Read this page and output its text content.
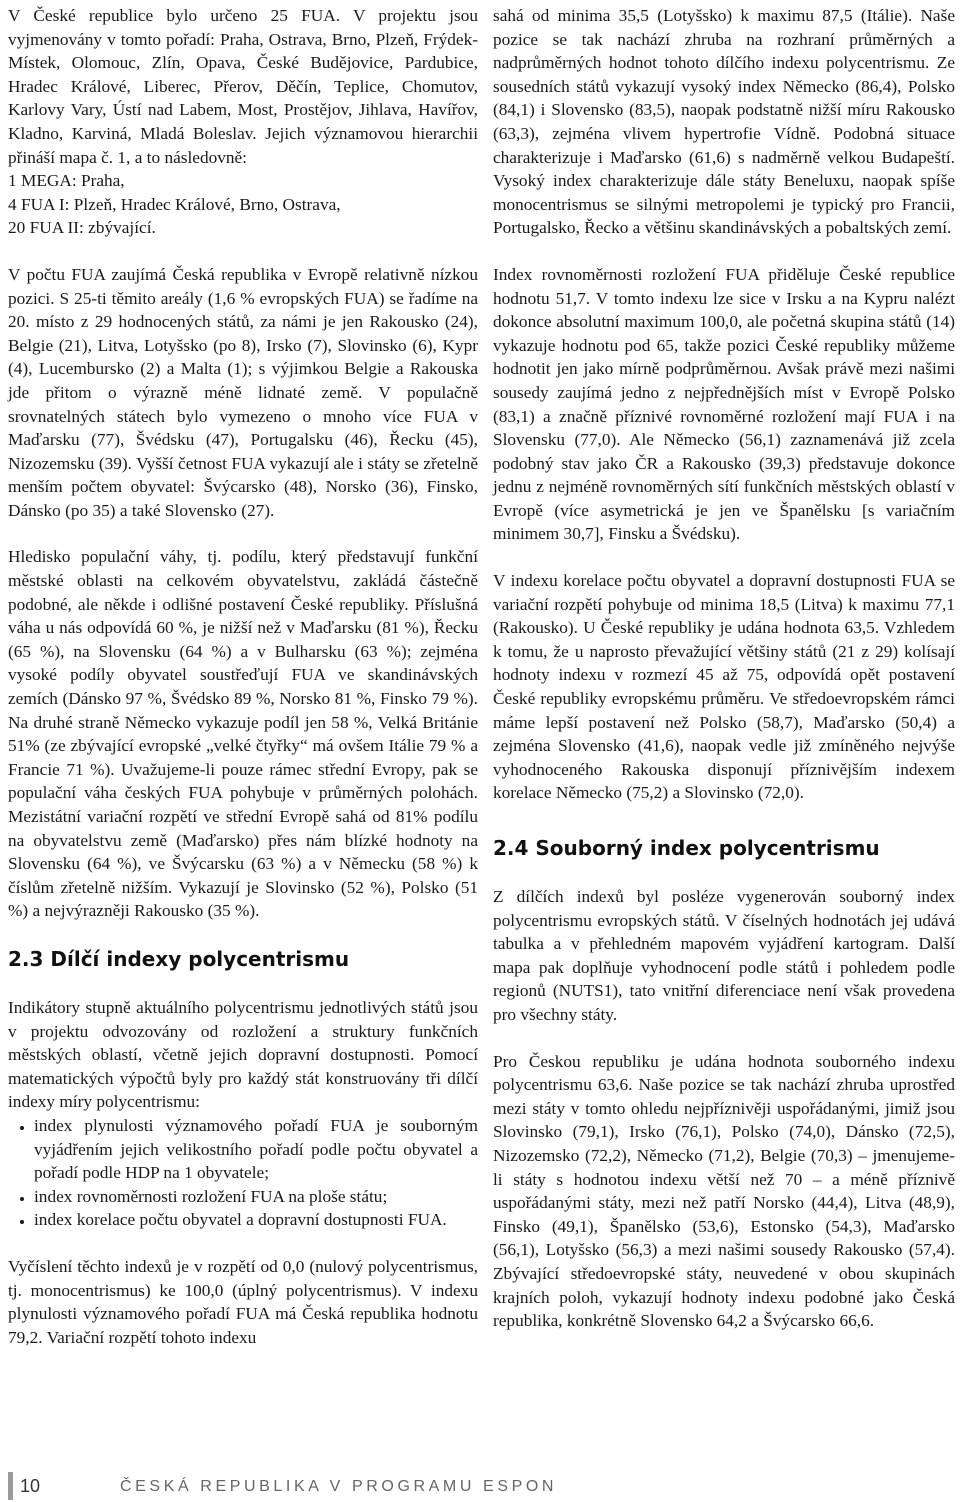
V České republice bylo určeno 25 FUA. V projektu jsou vyjmenovány v tomto pořadí: Praha, Ostrava, Brno, Plzeň, Frýdek-Místek, Olomouc, Zlín, Opava, České Budějovice, Pardubice, Hradec Králové, Liberec, Přerov, Děčín, Teplice, Chomutov, Karlovy Vary, Ústí nad Labem, Most, Prostějov, Jihlava, Havířov, Kladno, Karviná, Mladá Boleslav. Jejich významovou hierarchii přináší mapa č. 1, a to následovně:

1 MEGA: Praha,
4 FUA I: Plzeň, Hradec Králové, Brno, Ostrava,
20 FUA II: zbývající.

V počtu FUA zaujímá Česká republika v Evropě relativně nízkou pozici. S 25-ti těmito areály (1,6 % evropských FUA) se řadíme na 20. místo z 29 hodnocených států, za námi je jen Rakousko (24), Belgie (21), Litva, Lotyšsko (po 8), Irsko (7), Slovinsko (6), Kypr (4), Lucembursko (2) a Malta (1); s výjimkou Belgie a Rakouska jde přitom o výrazně méně lidnaté země. V populačně srovnatelných státech bylo vymezeno o mnoho více FUA v Maďarsku (77), Švédsku (47), Portugalsku (46), Řecku (45), Nizozemsku (39). Vyšší četnost FUA vykazují ale i státy se zřetelně menším počtem obyvatel: Švýcarsko (48), Norsko (36), Finsko, Dánsko (po 35) a také Slovensko (27).

Hledisko populační váhy, tj. podílu, který představují funkční městské oblasti na celkovém obyvatelstvu, zakládá částečně podobné, ale někde i odlišné postavení České republiky. Příslušná váha u nás odpovídá 60 %, je nižší než v Maďarsku (81 %), Řecku (65 %), na Slovensku (64 %) a v Bulharsku (63 %); zejména vysoké podíly obyvatel soustřeďují FUA ve skandinávských zemích (Dánsko 97 %, Švédsko 89 %, Norsko 81 %, Finsko 79 %). Na druhé straně Německo vykazuje podíl jen 58 %, Velká Británie 51% (ze zbývající evropské „velké čtyřky“ má ovšem Itálie 79 % a Francie 71 %). Uvažujeme-li pouze rámec střední Evropy, pak se populační váha českých FUA pohybuje v průměrných polohách. Mezistátní variační rozpětí ve střední Evropě sahá od 81% podílu na obyvatelstvu země (Maďarsko) přes nám blízké hodnoty na Slovensku (64 %), ve Švýcarsku (63 %) a v Německu (58 %) k číslům zřetelně nižším. Vykazují je Slovinsko (52 %), Polsko (51 %) a nejvýrazněji Rakousko (35 %).

2.3 Dílčí indexy polycentrismu

Indikátory stupně aktuálního polycentrismu jednotlivých států jsou v projektu odvozovány od rozložení a struktury funkčních městských oblastí, včetně jejich dopravní dostupnosti. Pomocí matematických výpočtů byly pro každý stát konstruovány tři dílčí indexy míry polycentrismu:

• index plynulosti významového pořadí FUA je souborným vyjádřením jejich velikostního pořadí podle počtu obyvatel a pořadí podle HDP na 1 obyvatele;
• index rovnoměrnosti rozložení FUA na ploše státu;
• index korelace počtu obyvatel a dopravní dostupnosti FUA.

Vyčíslení těchto indexů je v rozpětí od 0,0 (nulový polycentrismus, tj. monocentrismus) ke 100,0 (úplný polycentrismus). V indexu plynulosti významového pořadí FUA má Česká republika hodnotu 79,2. Variační rozpětí tohoto indexu

sahá od minima 35,5 (Lotyšsko) k maximu 87,5 (Itálie). Naše pozice se tak nachází zhruba na rozhraní průměrných a nadprůměrných hodnot tohoto dílčího indexu polycentrismu. Ze sousedních států vykazují vysoký index Německo (86,4), Polsko (84,1) i Slovensko (83,5), naopak podstatně nižší míru Rakousko (63,3), zejména vlivem hypertrofie Vídně. Podobná situace charakterizuje i Maďarsko (61,6) s nadměrně velkou Budapeští. Vysoký index charakterizuje dále státy Beneluxu, naopak spíše monocentrismus se silnými metropolemi je typický pro Francii, Portugalsko, Řecko a většinu skandinávských a pobaltských zemí.

Index rovnoměrnosti rozložení FUA přiděluje České republice hodnotu 51,7. V tomto indexu lze sice v Irsku a na Kypru nalézt dokonce absolutní maximum 100,0, ale početná skupina států (14) vykazuje hodnotu pod 65, takže pozici České republiky můžeme hodnotit jen jako mírně podprůměrnou. Avšak právě mezi našimi sousedy zaujímá jedno z nejpřednějších míst v Evropě Polsko (83,1) a značně příznivé rovnoměrné rozložení mají FUA i na Slovensku (77,0). Ale Německo (56,1) zaznamenává již zcela podobný stav jako ČR a Rakousko (39,3) představuje dokonce jednu z nejméně rovnoměrných sítí funkčních městských oblastí v Evropě (více asymetrická je jen ve Španělsku [s variačním minimem 30,7], Finsku a Švédsku).

V indexu korelace počtu obyvatel a dopravní dostupnosti FUA se variační rozpětí pohybuje od minima 18,5 (Litva) k maximu 77,1 (Rakousko). U České republiky je udána hodnota 63,5. Vzhledem k tomu, že u naprosto převažující většiny států (21 z 29) kolísají hodnoty indexu v rozmezí 45 až 75, odpovídá opět postavení České republiky evropskému průměru. Ve středoevropském rámci máme lepší postavení než Polsko (58,7), Maďarsko (50,4) a zejména Slovensko (41,6), naopak vedle již zmíněného nejvýše vyhodnoceného Rakouska disponují příznivějším indexem korelace Německo (75,2) a Slovinsko (72,0).

2.4 Souborný index polycentrismu

Z dílčích indexů byl posléze vygenerován souborný index polycentrismu evropských států. V číselných hodnotách jej udává tabulka a v přehledném mapovém vyjádření kartogram. Další mapa pak doplňuje vyhodnocení podle států i pohledem podle regionů (NUTS1), tato vnitřní diferenciace není však provedena pro všechny státy.

Pro Českou republiku je udána hodnota souborného indexu polycentrismu 63,6. Naše pozice se tak nachází zhruba uprostřed mezi státy v tomto ohledu nejpříznivěji uspořádanými, jimiž jsou Slovinsko (79,1), Irsko (76,1), Polsko (74,0), Dánsko (72,5), Nizozemsko (72,2), Německo (71,2), Belgie (70,3) – jmenujeme-li státy s hodnotou indexu větší než 70 – a méně příznivě uspořádanými státy, mezi než patří Norsko (44,4), Litva (48,9), Finsko (49,1), Španělsko (53,6), Estonsko (54,3), Maďarsko (56,1), Lotyšsko (56,3) a mezi našimi sousedy Rakousko (57,4). Zbývající středoevropské státy, neuvedené v obou skupinách krajních poloh, vykazují hodnoty indexu podobné jako Česká republika, konkrétně Slovensko 64,2 a Švýcarsko 66,6.

10	ČESKÁ REPUBLIKA V PROGRAMU ESPON
